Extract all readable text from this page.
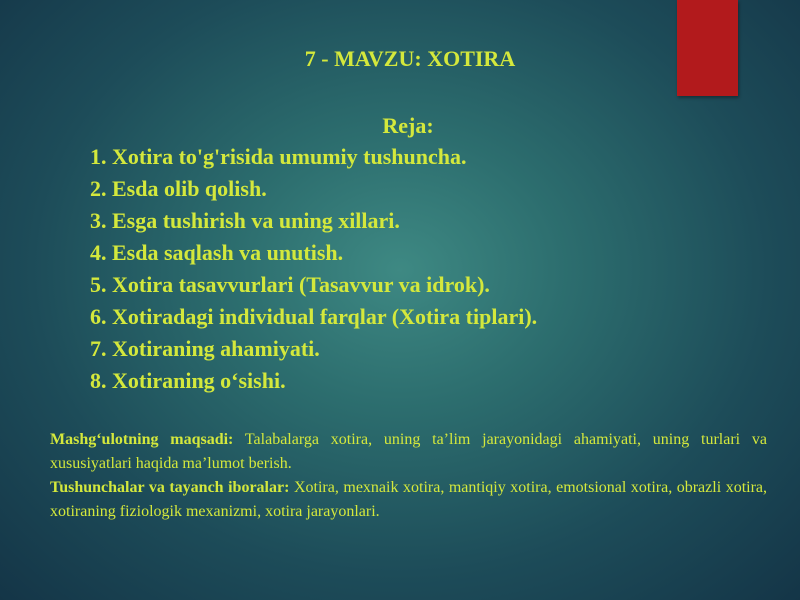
7 - MAVZU: XOTIRA
Reja:
1. Xotira to'g'risida umumiy tushuncha.
2. Esda olib qolish.
3. Esga tushirish va uning xillari.
4. Esda saqlash va unutish.
5. Xotira tasavvurlari (Tasavvur va idrok).
6. Xotiradagi individual farqlar (Xotira tiplari).
7. Xotiraning ahamiyati.
8. Xotiraning o‘sishi.

Mashg‘ulotning maqsadi: Talabalarga xotira, uning ta’lim jarayonidagi ahamiyati, uning turlari va xususiyatlari haqida ma’lumot berish.

Tushunchalar va tayanch iboralar: Xotira, mexnaik xotira, mantiqiy xotira, emotsional xotira, obrazli xotira, xotiraning fiziologik mexanizmi, xotira jarayonlari.
